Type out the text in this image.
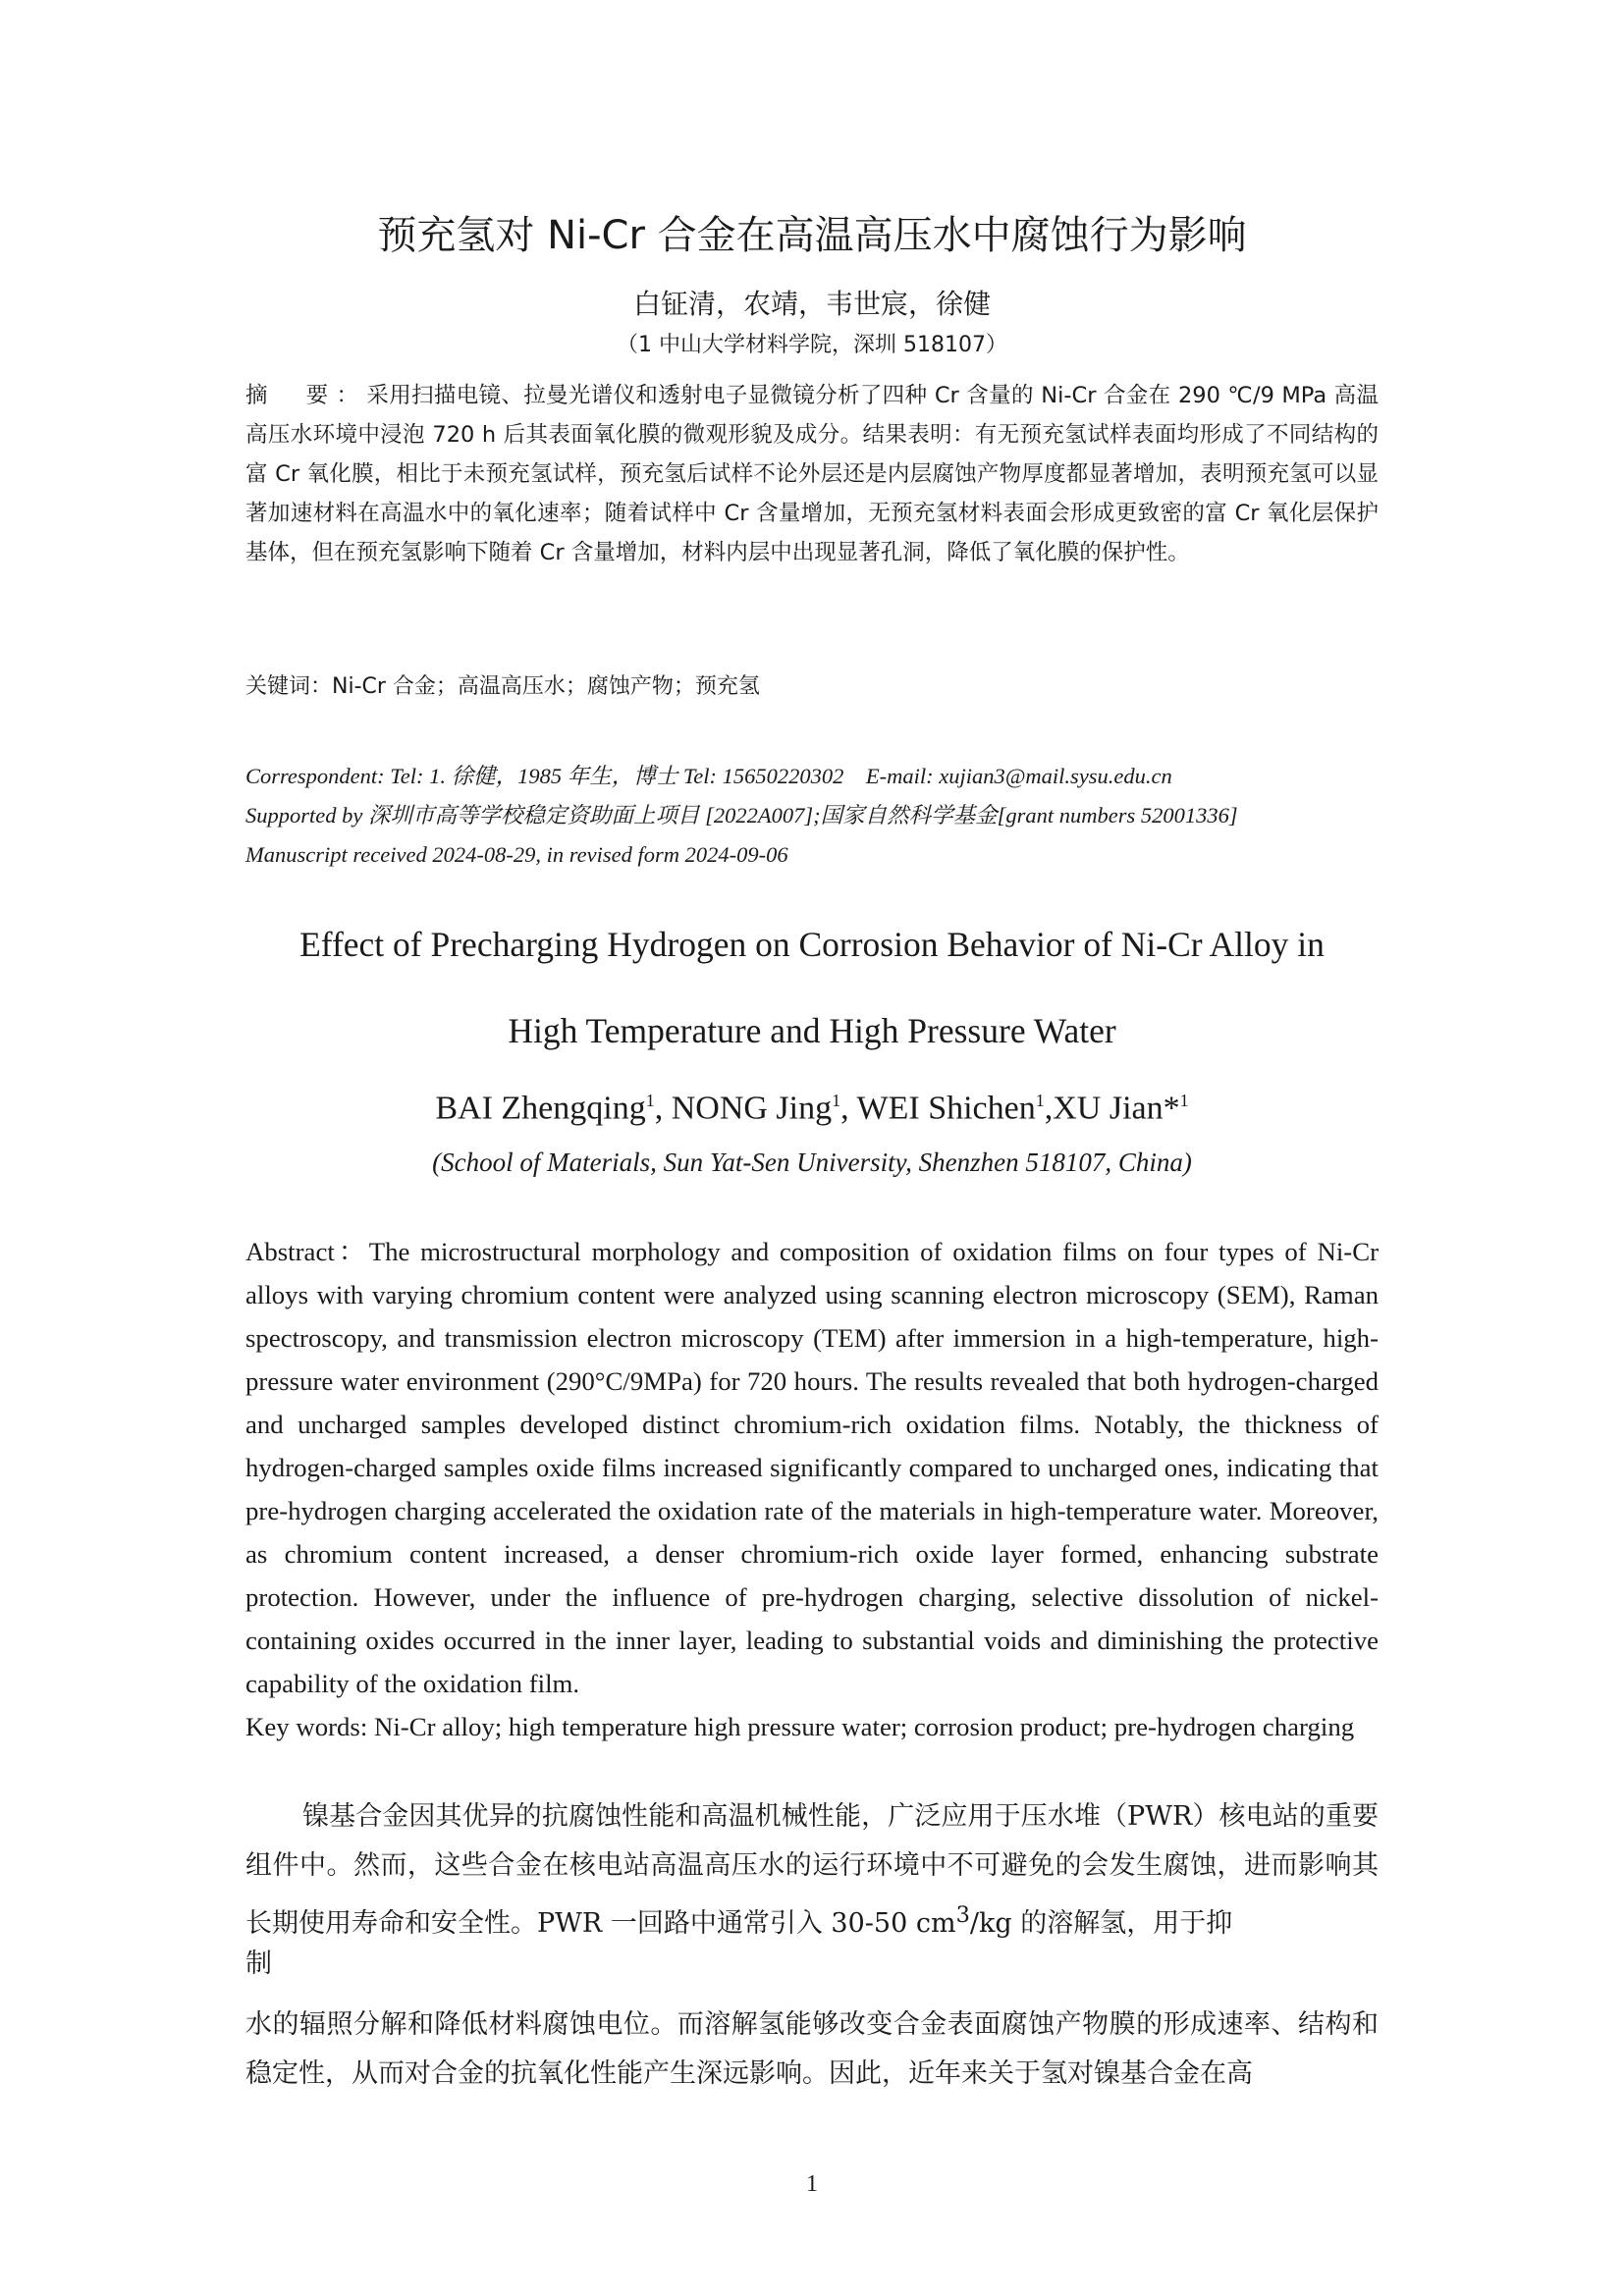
预充氢对 Ni-Cr 合金在高温高压水中腐蚀行为影响
白钲清，农靖，韦世宸，徐健
（1 中山大学材料学院，深圳 518107）
摘　要：采用扫描电镜、拉曼光谱仪和透射电子显微镜分析了四种 Cr 含量的 Ni-Cr 合金在 290 ℃/9 MPa 高温高压水环境中浸泡 720 h 后其表面氧化膜的微观形貌及成分。结果表明：有无预充氢试样表面均形成了不同结构的富 Cr 氧化膜，相比于未预充氢试样，预充氢后试样不论外层还是内层腐蚀产物厚度都显著增加，表明预充氢可以显著加速材料在高温水中的氧化速率；随着试样中 Cr 含量增加，无预充氢材料表面会形成更致密的富 Cr 氧化层保护基体，但在预充氢影响下随着 Cr 含量增加，材料内层中出现显著孔洞，降低了氧化膜的保护性。
关键词：Ni-Cr 合金；高温高压水；腐蚀产物；预充氢
Correspondent: Tel: 1. 徐健，1985 年生，博士 Tel: 15650220302　E-mail: xujian3@mail.sysu.edu.cn
Supported by 深圳市高等学校稳定资助面上项目 [2022A007];国家自然科学基金[grant numbers 52001336]
Manuscript received 2024-08-29, in revised form 2024-09-06
Effect of Precharging Hydrogen on Corrosion Behavior of Ni-Cr Alloy in
High Temperature and High Pressure Water
BAI Zhengqing$^1$, NONG Jing$^1$, WEI Shichen$^1$,XU Jian*$^1$
(School of Materials, Sun Yat-Sen University, Shenzhen 518107, China)
Abstract：The microstructural morphology and composition of oxidation films on four types of Ni-Cr alloys with varying chromium content were analyzed using scanning electron microscopy (SEM), Raman spectroscopy, and transmission electron microscopy (TEM) after immersion in a high-temperature, high-pressure water environment (290°C/9MPa) for 720 hours. The results revealed that both hydrogen-charged and uncharged samples developed distinct chromium-rich oxidation films. Notably, the thickness of hydrogen-charged samples oxide films increased significantly compared to uncharged ones, indicating that pre-hydrogen charging accelerated the oxidation rate of the materials in high-temperature water. Moreover, as chromium content increased, a denser chromium-rich oxide layer formed, enhancing substrate protection. However, under the influence of pre-hydrogen charging, selective dissolution of nickel-containing oxides occurred in the inner layer, leading to substantial voids and diminishing the protective capability of the oxidation film.
Key words: Ni-Cr alloy; high temperature high pressure water; corrosion product; pre-hydrogen charging
镍基合金因其优异的抗腐蚀性能和高温机械性能，广泛应用于压水堆（PWR）核电站的重要组件中。然而，这些合金在核电站高温高压水的运行环境中不可避免的会发生腐蚀，进而影响其长期使用寿命和安全性。PWR 一回路中通常引入 30-50 $cm^3/kg$ 的溶解氢，用于抑
制
水的辐照分解和降低材料腐蚀电位。而溶解氢能够改变合金表面腐蚀产物膜的形成速率、结构和稳定性，从而对合金的抗氧化性能产生深远影响。因此，近年来关于氢对镍基合金在高
1
